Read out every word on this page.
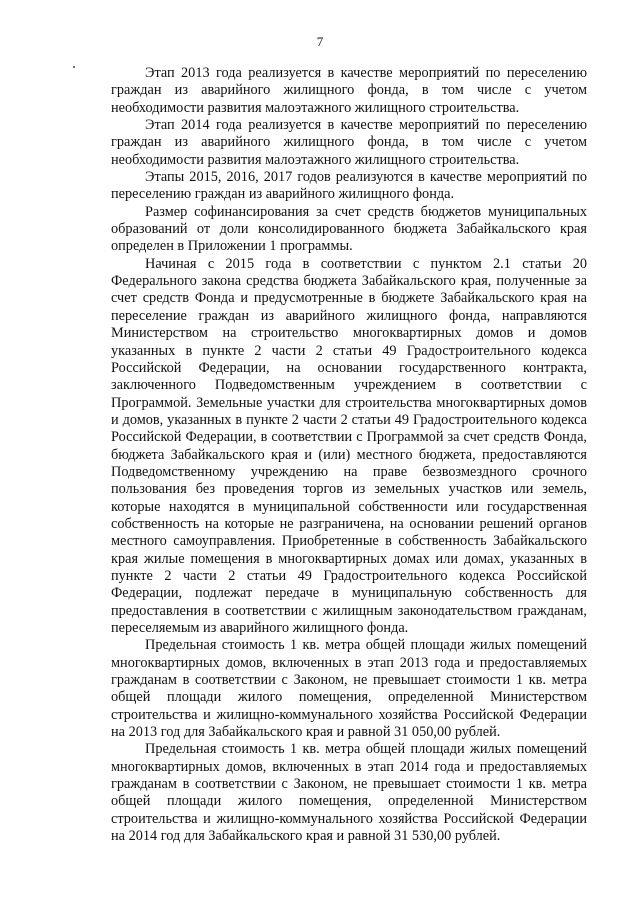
7

Этап 2013 года реализуется в качестве мероприятий по переселению граждан из аварийного жилищного фонда, в том числе с учетом необходимости развития малоэтажного жилищного строительства.

Этап 2014 года реализуется в качестве мероприятий по переселению граждан из аварийного жилищного фонда, в том числе с учетом необходимости развития малоэтажного жилищного строительства.

Этапы 2015, 2016, 2017 годов реализуются в качестве мероприятий по переселению граждан из аварийного жилищного фонда.

Размер софинансирования за счет средств бюджетов муниципальных образований от доли консолидированного бюджета Забайкальского края определен в Приложении 1 программы.

Начиная с 2015 года в соответствии с пунктом 2.1 статьи 20 Федерального закона средства бюджета Забайкальского края, полученные за счет средств Фонда и предусмотренные в бюджете Забайкальского края на переселение граждан из аварийного жилищного фонда, направляются Министерством на строительство многоквартирных домов и домов указанных в пункте 2 части 2 статьи 49 Градостроительного кодекса Российской Федерации, на основании государственного контракта, заключенного Подведомственным учреждением в соответствии с Программой. Земельные участки для строительства многоквартирных домов и домов, указанных в пункте 2 части 2 статьи 49 Градостроительного кодекса Российской Федерации, в соответствии с Программой за счет средств Фонда, бюджета Забайкальского края и (или) местного бюджета, предоставляются Подведомственному учреждению на праве безвозмездного срочного пользования без проведения торгов из земельных участков или земель, которые находятся в муниципальной собственности или государственная собственность на которые не разграничена, на основании решений органов местного самоуправления. Приобретенные в собственность Забайкальского края жилые помещения в многоквартирных домах или домах, указанных в пункте 2 части 2 статьи 49 Градостроительного кодекса Российской Федерации, подлежат передаче в муниципальную собственность для предоставления в соответствии с жилищным законодательством гражданам, переселяемым из аварийного жилищного фонда.

Предельная стоимость 1 кв. метра общей площади жилых помещений многоквартирных домов, включенных в этап 2013 года и предоставляемых гражданам в соответствии с Законом, не превышает стоимости 1 кв. метра общей площади жилого помещения, определенной Министерством строительства и жилищно-коммунального хозяйства Российской Федерации на 2013 год для Забайкальского края и равной 31 050,00 рублей.

Предельная стоимость 1 кв. метра общей площади жилых помещений многоквартирных домов, включенных в этап 2014 года и предоставляемых гражданам в соответствии с Законом, не превышает стоимости 1 кв. метра общей площади жилого помещения, определенной Министерством строительства и жилищно-коммунального хозяйства Российской Федерации на 2014 год для Забайкальского края и равной 31 530,00 рублей.
